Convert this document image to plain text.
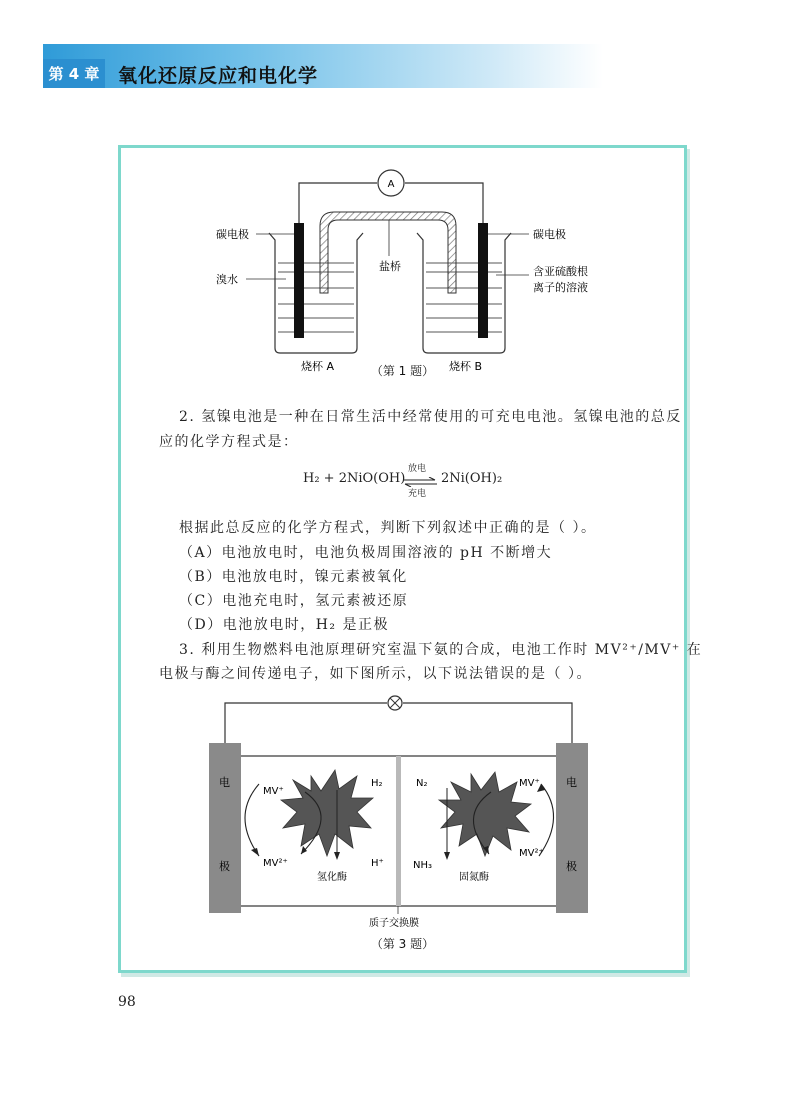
第 4 章 氧化还原反应和电化学
A
碳电极	碳电极
溴水
盐桥	含亚硫酸根
离子的溶液
烧杯 A	烧杯 B
（第 1 题）
2. 氢镍电池是一种在日常生活中经常使用的可充电电池。氢镍电池的总反
应的化学方程式是：
H₂ + 2NiO(OH)
放电
充电
2Ni(OH)₂
根据此总反应的化学方程式，判断下列叙述中正确的是（ ）。
（A）电池放电时，电池负极周围溶液的 pH 不断增大
（B）电池放电时，镍元素被氧化
（C）电池充电时，氢元素被还原
（D）电池放电时，H₂ 是正极
3. 利用生物燃料电池原理研究室温下氨的合成，电池工作时 MV²⁺/MV⁺ 在
电极与酶之间传递电子，如下图所示，以下说法错误的是（ ）。
电
极
电
极
MV⁺
MV²⁺
H₂
H⁺
氢化酶
N₂
NH₃
固氮酶
MV⁺
MV²⁺
质子交换膜
（第 3 题）
98
